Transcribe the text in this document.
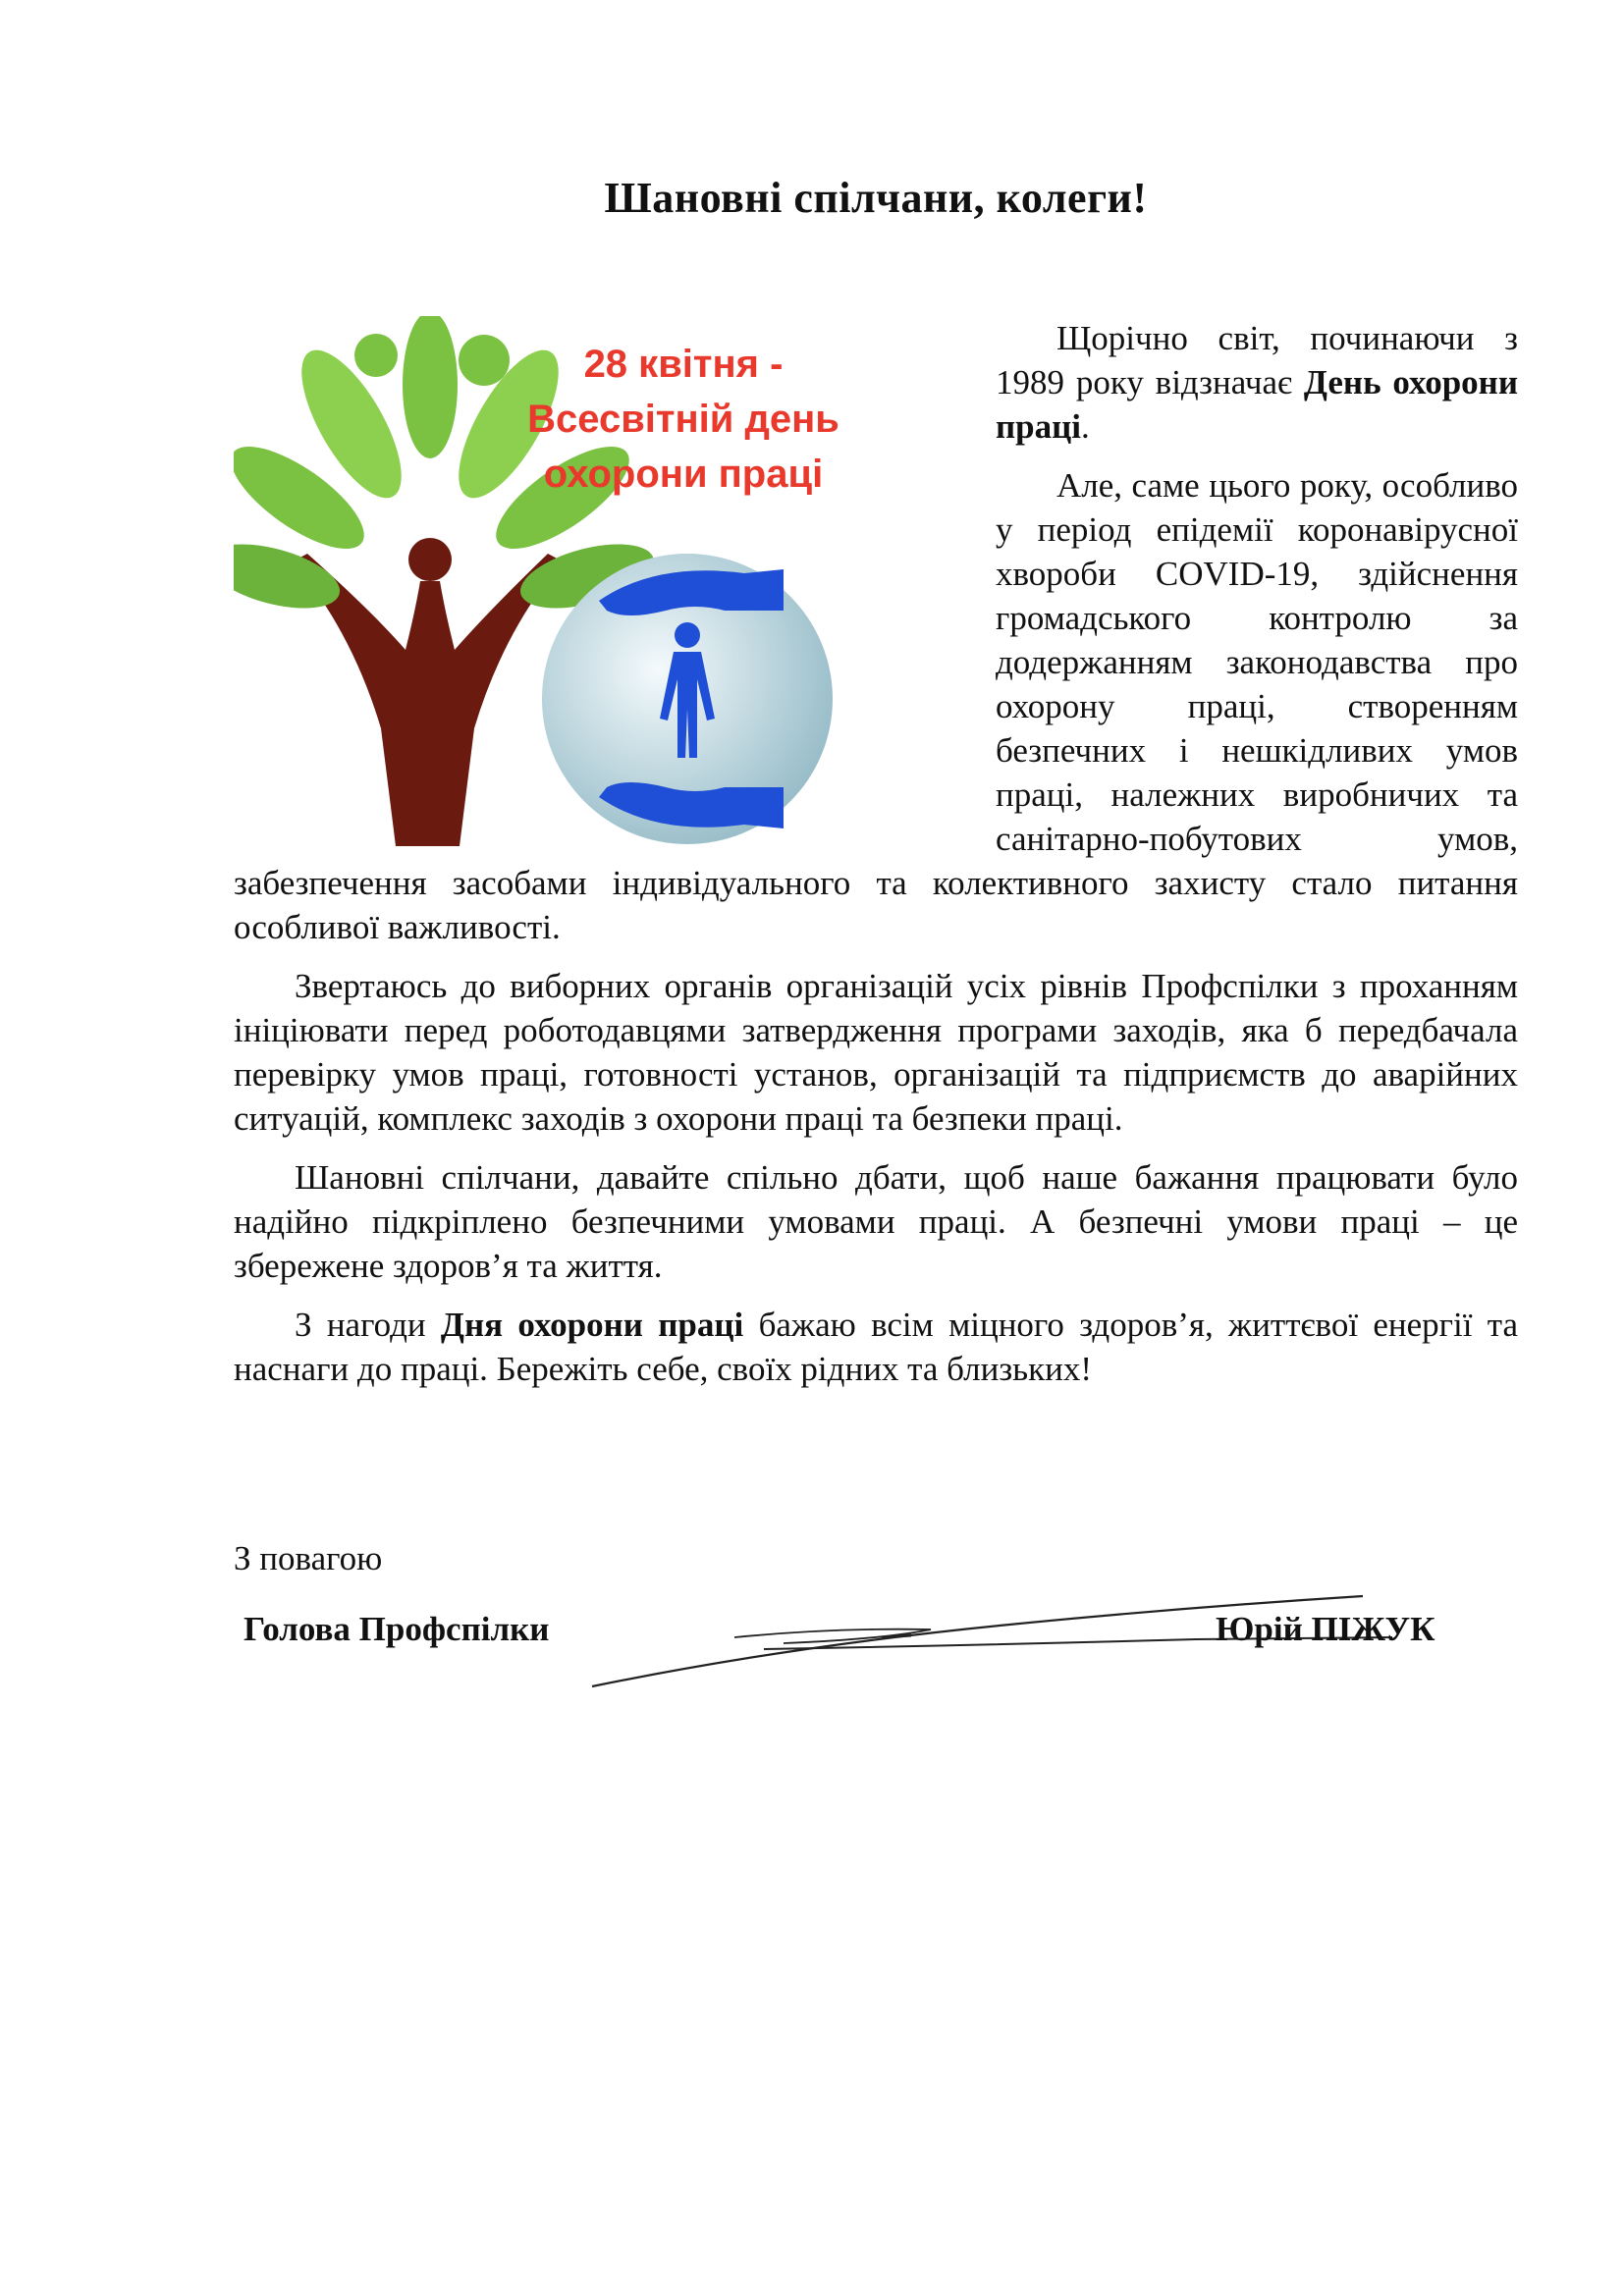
Шановні спілчани, колеги!
28 квітня -
Всесвітній день
охорони праці

Щорічно світ, починаючи з 1989 року відзначає День охорони праці.

Але, саме цього року, особливо у період епідемії коронавірусної хвороби COVID-19, здійснення громадського контролю за додержанням законодавства про охорону праці, створенням безпечних і нешкідливих умов праці, належних виробничих та санітарно-побутових умов, забезпечення засобами індивідуального та колективного захисту стало питання особливої важливості.

Звертаюсь до виборних органів організацій усіх рівнів Профспілки з проханням ініціювати перед роботодавцями затвердження програми заходів, яка б передбачала перевірку умов праці, готовності установ, організацій та підприємств до аварійних ситуацій, комплекс заходів з охорони праці та безпеки праці.

Шановні спілчани, давайте спільно дбати, щоб наше бажання працювати було надійно підкріплено безпечними умовами праці. А безпечні умови праці – це збережене здоров’я та життя.

З нагоди Дня охорони праці бажаю всім міцного здоров’я, життєвої енергії та наснаги до праці. Бережіть себе, своїх рідних та близьких!

З повагою
Голова Профспілки	Юрій ПІЖУК
